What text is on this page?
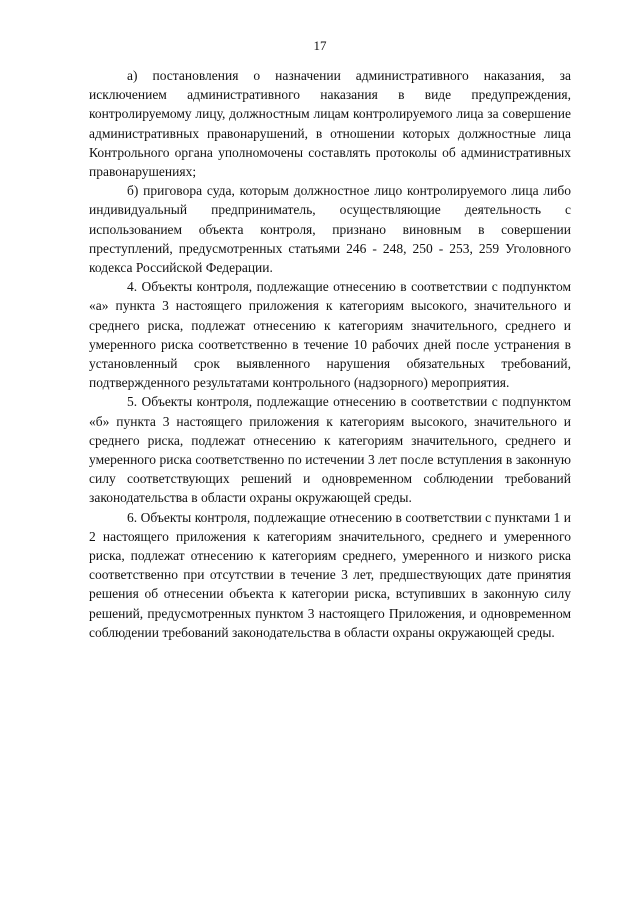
17

а) постановления о назначении административного наказания, за исключением административного наказания в виде предупреждения, контролируемому лицу, должностным лицам контролируемого лица за совершение административных правонарушений, в отношении которых должностные лица Контрольного органа уполномочены составлять протоколы об административных правонарушениях;

б) приговора суда, которым должностное лицо контролируемого лица либо индивидуальный предприниматель, осуществляющие деятельность с использованием объекта контроля, признано виновным в совершении преступлений, предусмотренных статьями 246 - 248, 250 - 253, 259 Уголовного кодекса Российской Федерации.

4. Объекты контроля, подлежащие отнесению в соответствии с подпунктом «а» пункта 3 настоящего приложения к категориям высокого, значительного и среднего риска, подлежат отнесению к категориям значительного, среднего и умеренного риска соответственно в течение 10 рабочих дней после устранения в установленный срок выявленного нарушения обязательных требований, подтвержденного результатами контрольного (надзорного) мероприятия.

5. Объекты контроля, подлежащие отнесению в соответствии с подпунктом «б» пункта 3 настоящего приложения к категориям высокого, значительного и среднего риска, подлежат отнесению к категориям значительного, среднего и умеренного риска соответственно по истечении 3 лет после вступления в законную силу соответствующих решений и одновременном соблюдении требований законодательства в области охраны окружающей среды.

6. Объекты контроля, подлежащие отнесению в соответствии с пунктами 1 и 2 настоящего приложения к категориям значительного, среднего и умеренного риска, подлежат отнесению к категориям среднего, умеренного и низкого риска соответственно при отсутствии в течение 3 лет, предшествующих дате принятия решения об отнесении объекта к категории риска, вступивших в законную силу решений, предусмотренных пунктом 3 настоящего Приложения, и одновременном соблюдении требований законодательства в области охраны окружающей среды.
